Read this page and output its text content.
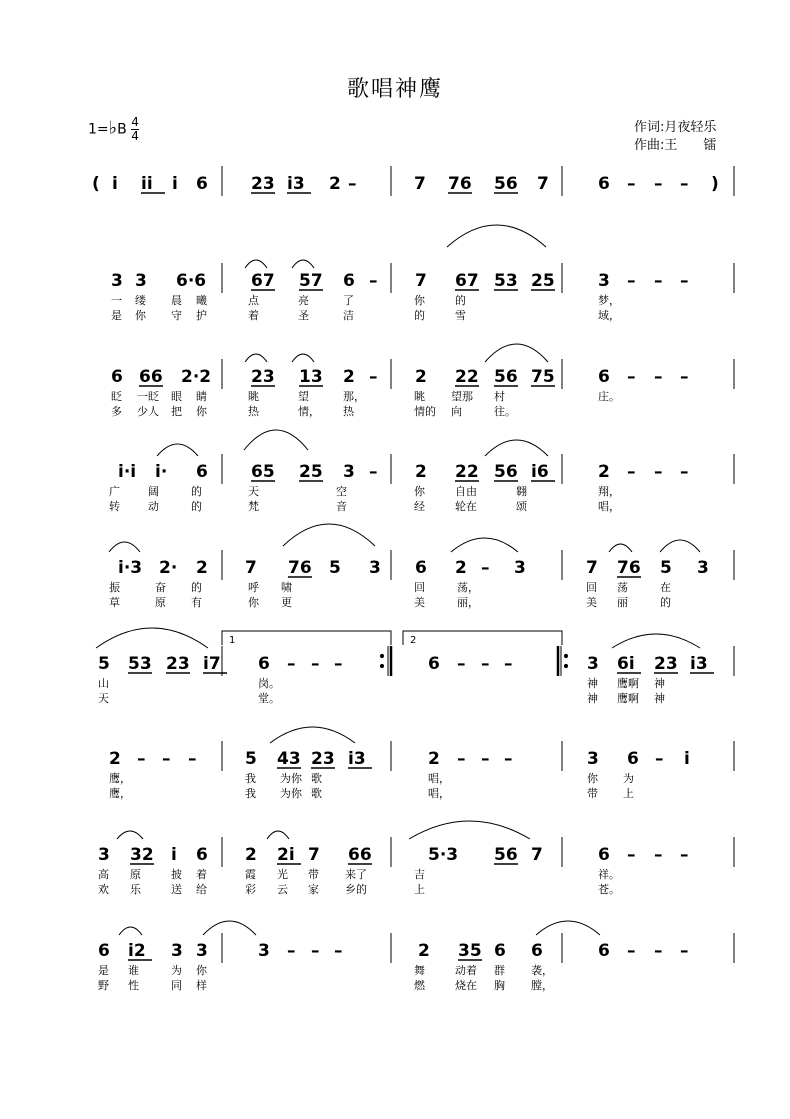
歌唱神鹰
1=♭B $\frac{4}{4}$	作词:月夜轻乐
作曲:王　　镭
1	2
( i ii i 6	23 i3 2 –	7 76 56 7	6 – – – )
3 3 6·6	67 57 6 – 7 67 53 25	3 – – –
一 缕 晨 曦	点	亮	了	你	的	梦，
是 你 守 护	着	圣	洁	的	雪	域，
6 66 2·2 23 13 2 – 2 22 56 75	6 – – –
眨 一眨 眼 睛	眺	望	那，	眺 望那 村	庄。
多 少人 把 你	热	情， 热	情的 向	往。
i·i i· 6	65 25 3 – 2 22 56 i6	2 – – –
广	阔	的	天	空	你	自由	翱	翔，
转	动	的	梵	音	经	轮在	颂	唱，
i·3 2· 2 7 76 5 3 6 2 – 3	7 76 5 3
振	奋 的	呼 啸	回	荡，	回 荡	在
草	原 有	你 更	美	丽，	美 丽	的
5 53 23 i7 6 – – –	6 – – –	3 6i 23 i3
山	岗。	神 鹰啊 神
天	堂。	神 鹰啊 神
2 – – –	5 43 23 i3	2 – – –	3 6 – i
鹰，	我 为你 歌	唱，	你 为
鹰，	我 为你 歌	唱，	带 上
3 32 i 6 2 2i 7 66	5·3 56 7	6 – – –
高 原	披 着	霞 光 带 来了	吉	祥。
欢 乐	送 给	彩 云 家 乡的	上	苍。
6 i2 3 3	3 – – –	2 35 6 6	6 – – –
是 谁	为 你	舞	动着 群 袭，
野 性	同 样	燃	烧在 胸 膛，
